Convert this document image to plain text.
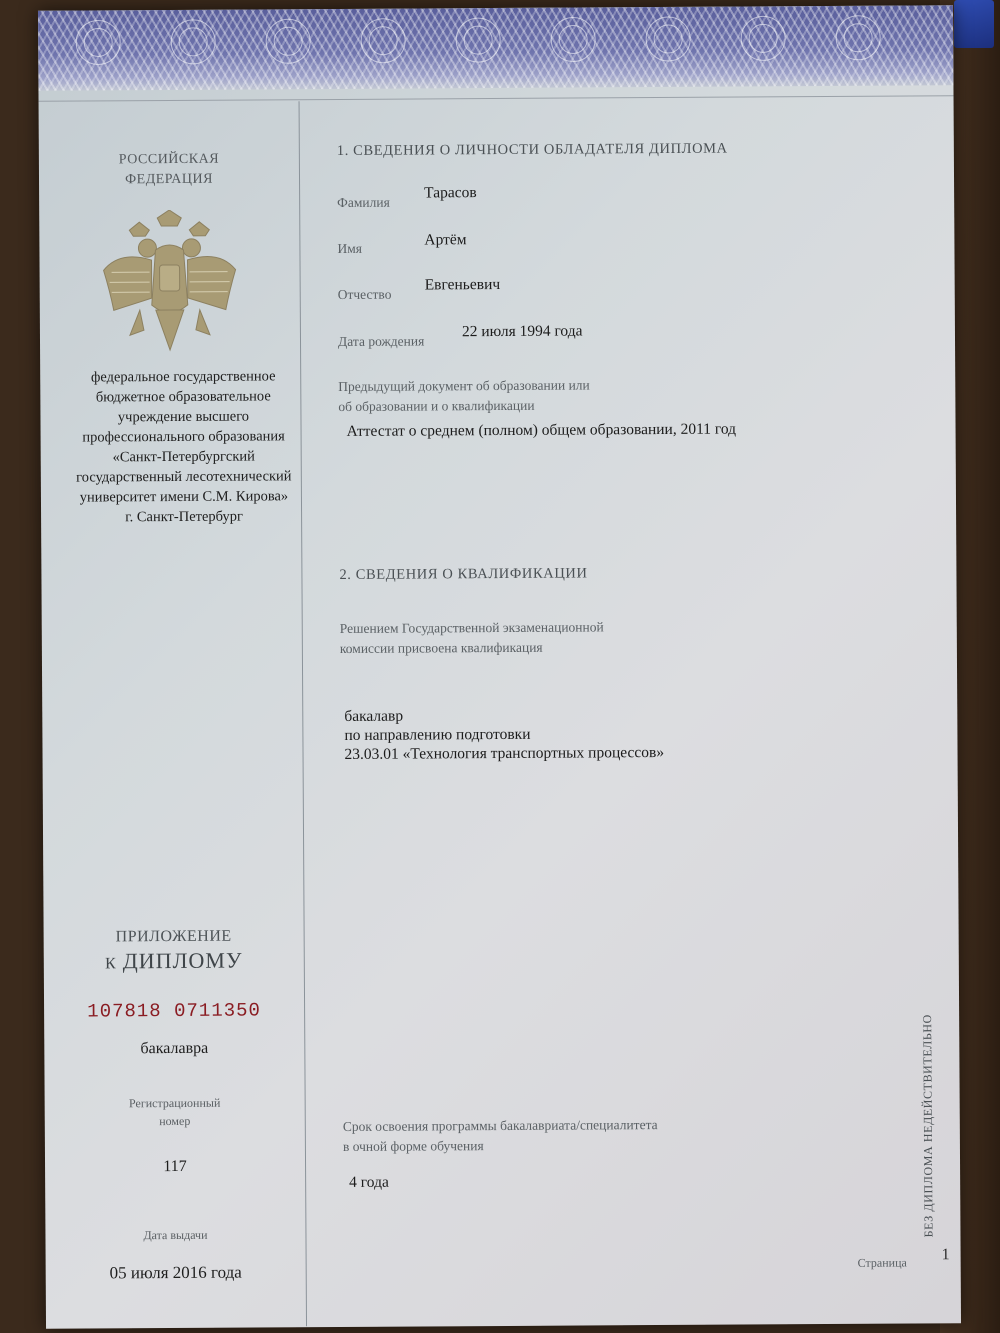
РОССИЙСКАЯ
ФЕДЕРАЦИЯ
федеральное государственное
бюджетное образовательное
учреждение высшего
профессионального образования
«Санкт-Петербургский
государственный лесотехнический
университет имени С.М. Кирова»
г. Санкт-Петербург
ПРИЛОЖЕНИЕ
К ДИПЛОМУ
107818 0711350
бакалавра
Регистрационный
номер
117
Дата выдачи
05 июля 2016 года
1. СВЕДЕНИЯ О ЛИЧНОСТИ ОБЛАДАТЕЛЯ ДИПЛОМА
Фамилия
Тарасов
Имя	Артём
Отчество
Евгеньевич
Дата рождения
22 июля 1994 года
Предыдущий документ об образовании или
об образовании и о квалификации
Аттестат о среднем (полном) общем образовании, 2011 год
2. СВЕДЕНИЯ О КВАЛИФИКАЦИИ
Решением Государственной экзаменационной
комиссии присвоена квалификация
бакалавр
по направлению подготовки
23.03.01 «Технология транспортных процессов»
Срок освоения программы бакалавриата/специалитета
в очной форме обучения
4 года	БЕЗ ДИПЛОМА НЕДЕЙСТВИТЕЛЬНО
Страница 1
